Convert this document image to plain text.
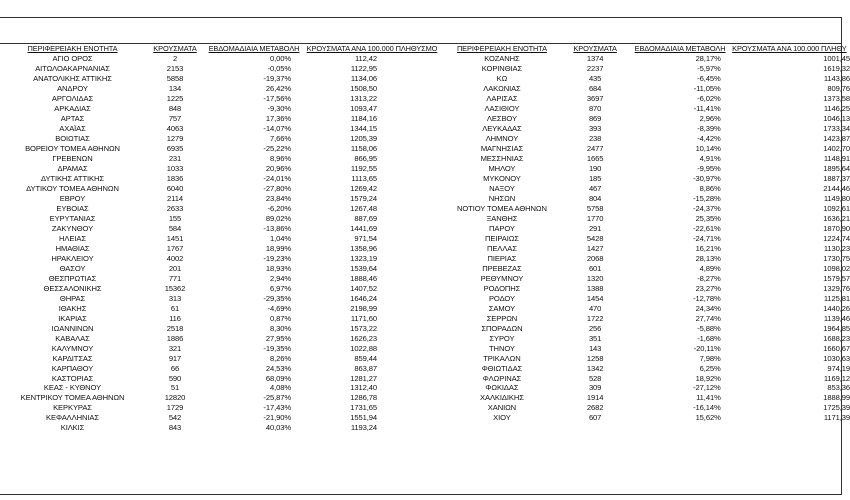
ΠΕΡΙΦΕΡΕΙΑΚΗ ΕΝΟΤΗΤΑ	ΚΡΟΥΣΜΑΤΑ	ΕΒΔΟΜΑΔΙΑΙΑ ΜΕΤΑΒΟΛΗ	ΚΡΟΥΣΜΑΤΑ ΑΝΑ 100.000 ΠΛΗΘΥΣΜΟ
ΑΓΙΟ ΟΡΟΣ	2	0,00%	112,42
ΑΙΤΩΛΟΑΚΑΡΝΑΝΙΑΣ	2153	-0,05%	1122,95
ΑΝΑΤΟΛΙΚΗΣ ΑΤΤΙΚΗΣ	5858	-19,37%	1134,06
ΑΝΔΡΟΥ	134	26,42%	1508,50
ΑΡΓΟΛΙΔΑΣ	1225	-17,56%	1313,22
ΑΡΚΑΔΙΑΣ	848	-9,30%	1093,47
ΑΡΤΑΣ	757	17,36%	1184,16
ΑΧΑΪΑΣ	4063	-14,07%	1344,15
ΒΟΙΩΤΙΑΣ	1279	7,66%	1205,39
ΒΟΡΕΙΟΥ ΤΟΜΕΑ ΑΘΗΝΩΝ	6935	-25,22%	1158,06
ΓΡΕΒΕΝΩΝ	231	8,96%	866,95
ΔΡΑΜΑΣ	1033	20,96%	1192,55
ΔΥΤΙΚΗΣ ΑΤΤΙΚΗΣ	1836	-24,01%	1113,65
ΔΥΤΙΚΟΥ ΤΟΜΕΑ ΑΘΗΝΩΝ	6040	-27,80%	1269,42
ΕΒΡΟΥ	2114	23,84%	1579,24
ΕΥΒΟΙΑΣ	2633	-6,20%	1267,48
ΕΥΡΥΤΑΝΙΑΣ	155	89,02%	887,69
ΖΑΚΥΝΘΟΥ	584	-13,86%	1441,69
ΗΛΕΙΑΣ	1451	1,04%	971,54
ΗΜΑΘΙΑΣ	1767	18,99%	1358,96
ΗΡΑΚΛΕΙΟΥ	4002	-19,23%	1323,19
ΘΑΣΟΥ	201	18,93%	1539,64
ΘΕΣΠΡΩΤΙΑΣ	771	2,94%	1888,46
ΘΕΣΣΑΛΟΝΙΚΗΣ	15362	6,97%	1407,52
ΘΗΡΑΣ	313	-29,35%	1646,24
ΙΘΑΚΗΣ	61	-4,69%	2198,99
ΙΚΑΡΙΑΣ	116	0,87%	1171,60
ΙΩΑΝΝΙΝΩΝ	2518	8,30%	1573,22
ΚΑΒΑΛΑΣ	1886	27,95%	1626,23
ΚΑΛΥΜΝΟΥ	321	-19,35%	1022,88
ΚΑΡΔΙΤΣΑΣ	917	8,26%	859,44
ΚΑΡΠΑΘΟΥ	66	24,53%	863,87
ΚΑΣΤΟΡΙΑΣ	590	68,09%	1281,27
ΚΕΑΣ - ΚΥΘΝΟΥ	51	4,08%	1312,40
ΚΕΝΤΡΙΚΟΥ ΤΟΜΕΑ ΑΘΗΝΩΝ	12820	-25,87%	1286,78
ΚΕΡΚΥΡΑΣ	1729	-17,43%	1731,65
ΚΕΦΑΛΛΗΝΙΑΣ	542	-21,90%	1551,94
ΚΙΛΚΙΣ	843	40,03%	1193,24
ΠΕΡΙΦΕΡΕΙΑΚΗ ΕΝΟΤΗΤΑ	ΚΡΟΥΣΜΑΤΑ	ΕΒΔΟΜΑΔΙΑΙΑ ΜΕΤΑΒΟΛΗ	ΚΡΟΥΣΜΑΤΑ ΑΝΑ 100.000 ΠΛΗΘΥ
ΚΟΖΑΝΗΣ	1374	28,17%	1001,45
ΚΟΡΙΝΘΙΑΣ	2237	-5,97%	1619,32
ΚΩ	435	-6,45%	1143,86
ΛΑΚΩΝΙΑΣ	684	-11,05%	809,76
ΛΑΡΙΣΑΣ	3697	-6,02%	1373,58
ΛΑΣΙΘΙΟΥ	870	-11,41%	1146,25
ΛΕΣΒΟΥ	869	2,96%	1046,13
ΛΕΥΚΑΔΑΣ	393	-8,39%	1733,34
ΛΗΜΝΟΥ	238	-4,42%	1423,87
ΜΑΓΝΗΣΙΑΣ	2477	10,14%	1402,70
ΜΕΣΣΗΝΙΑΣ	1665	4,91%	1148,91
ΜΗΛΟΥ	190	-9,95%	1895,64
ΜΥΚΟΝΟΥ	185	-30,97%	1887,37
ΝΑΞΟΥ	467	8,86%	2144,46
ΝΗΣΩΝ	804	-15,28%	1149,80
ΝΟΤΙΟΥ ΤΟΜΕΑ ΑΘΗΝΩΝ	5758	-24,37%	1092,61
ΞΑΝΘΗΣ	1770	25,35%	1636,21
ΠΑΡΟΥ	291	-22,61%	1870,90
ΠΕΙΡΑΙΩΣ	5428	-24,71%	1224,74
ΠΕΛΛΑΣ	1427	16,21%	1130,23
ΠΙΕΡΙΑΣ	2068	28,13%	1730,75
ΠΡΕΒΕΖΑΣ	601	4,89%	1098,02
ΡΕΘΥΜΝΟΥ	1320	-8,27%	1579,57
ΡΟΔΟΠΗΣ	1388	23,27%	1329,76
ΡΟΔΟΥ	1454	-12,78%	1125,81
ΣΑΜΟΥ	470	24,34%	1440,26
ΣΕΡΡΩΝ	1722	27,74%	1139,46
ΣΠΟΡΑΔΩΝ	256	-5,88%	1964,85
ΣΥΡΟΥ	351	-1,68%	1688,23
ΤΗΝΟΥ	143	-20,11%	1660,67
ΤΡΙΚΑΛΩΝ	1258	7,98%	1030,63
ΦΘΙΩΤΙΔΑΣ	1342	6,25%	974,19
ΦΛΩΡΙΝΑΣ	528	18,92%	1169,12
ΦΩΚΙΔΑΣ	309	-27,12%	853,36
ΧΑΛΚΙΔΙΚΗΣ	1914	11,41%	1888,99
ΧΑΝΙΩΝ	2682	-16,14%	1725,39
ΧΙΟΥ	607	15,62%	1171,39
